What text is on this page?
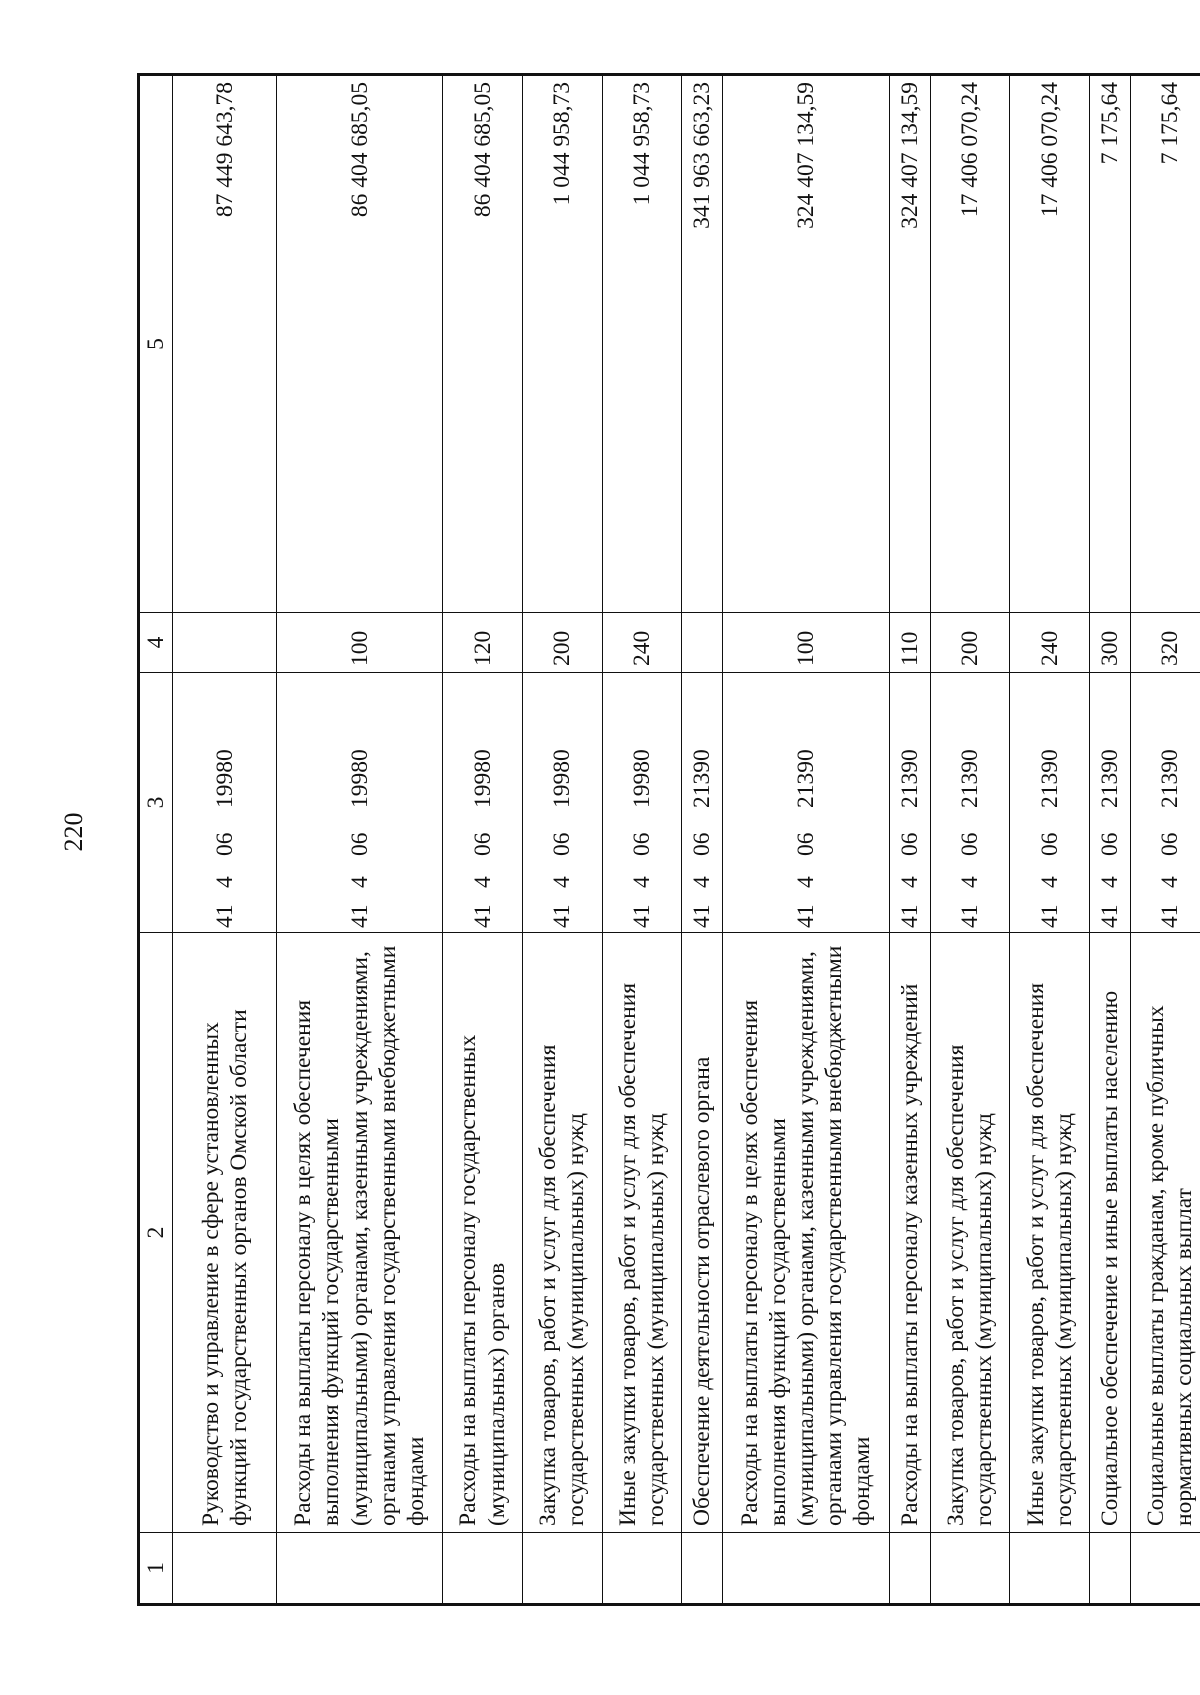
220
1	2	3	4	5
	Руководство и управление в сфере установленных функций государственных органов Омской области	4140619980		87 449 643,78
	Расходы на выплаты персоналу в целях обеспечения выполнения функций государственными (муниципальными) органами, казенными учреждениями, органами управления государственными внебюджетными фондами	4140619980	100	86 404 685,05
	Расходы на выплаты персоналу государственных (муниципальных) органов	4140619980	120	86 404 685,05
	Закупка товаров, работ и услуг для обеспечения государственных (муниципальных) нужд	4140619980	200	1 044 958,73
	Иные закупки товаров, работ и услуг для обеспечения государственных (муниципальных) нужд	4140619980	240	1 044 958,73
	Обеспечение деятельности отраслевого органа	4140621390		341 963 663,23
	Расходы на выплаты персоналу в целях обеспечения выполнения функций государственными (муниципальными) органами, казенными учреждениями, органами управления государственными внебюджетными фондами	4140621390	100	324 407 134,59
	Расходы на выплаты персоналу казенных учреждений	4140621390	110	324 407 134,59
	Закупка товаров, работ и услуг для обеспечения государственных (муниципальных) нужд	4140621390	200	17 406 070,24
	Иные закупки товаров, работ и услуг для обеспечения государственных (муниципальных) нужд	4140621390	240	17 406 070,24
	Социальное обеспечение и иные выплаты населению	4140621390	300	7 175,64
	Социальные выплаты гражданам, кроме публичных нормативных социальных выплат	4140621390	320	7 175,64
